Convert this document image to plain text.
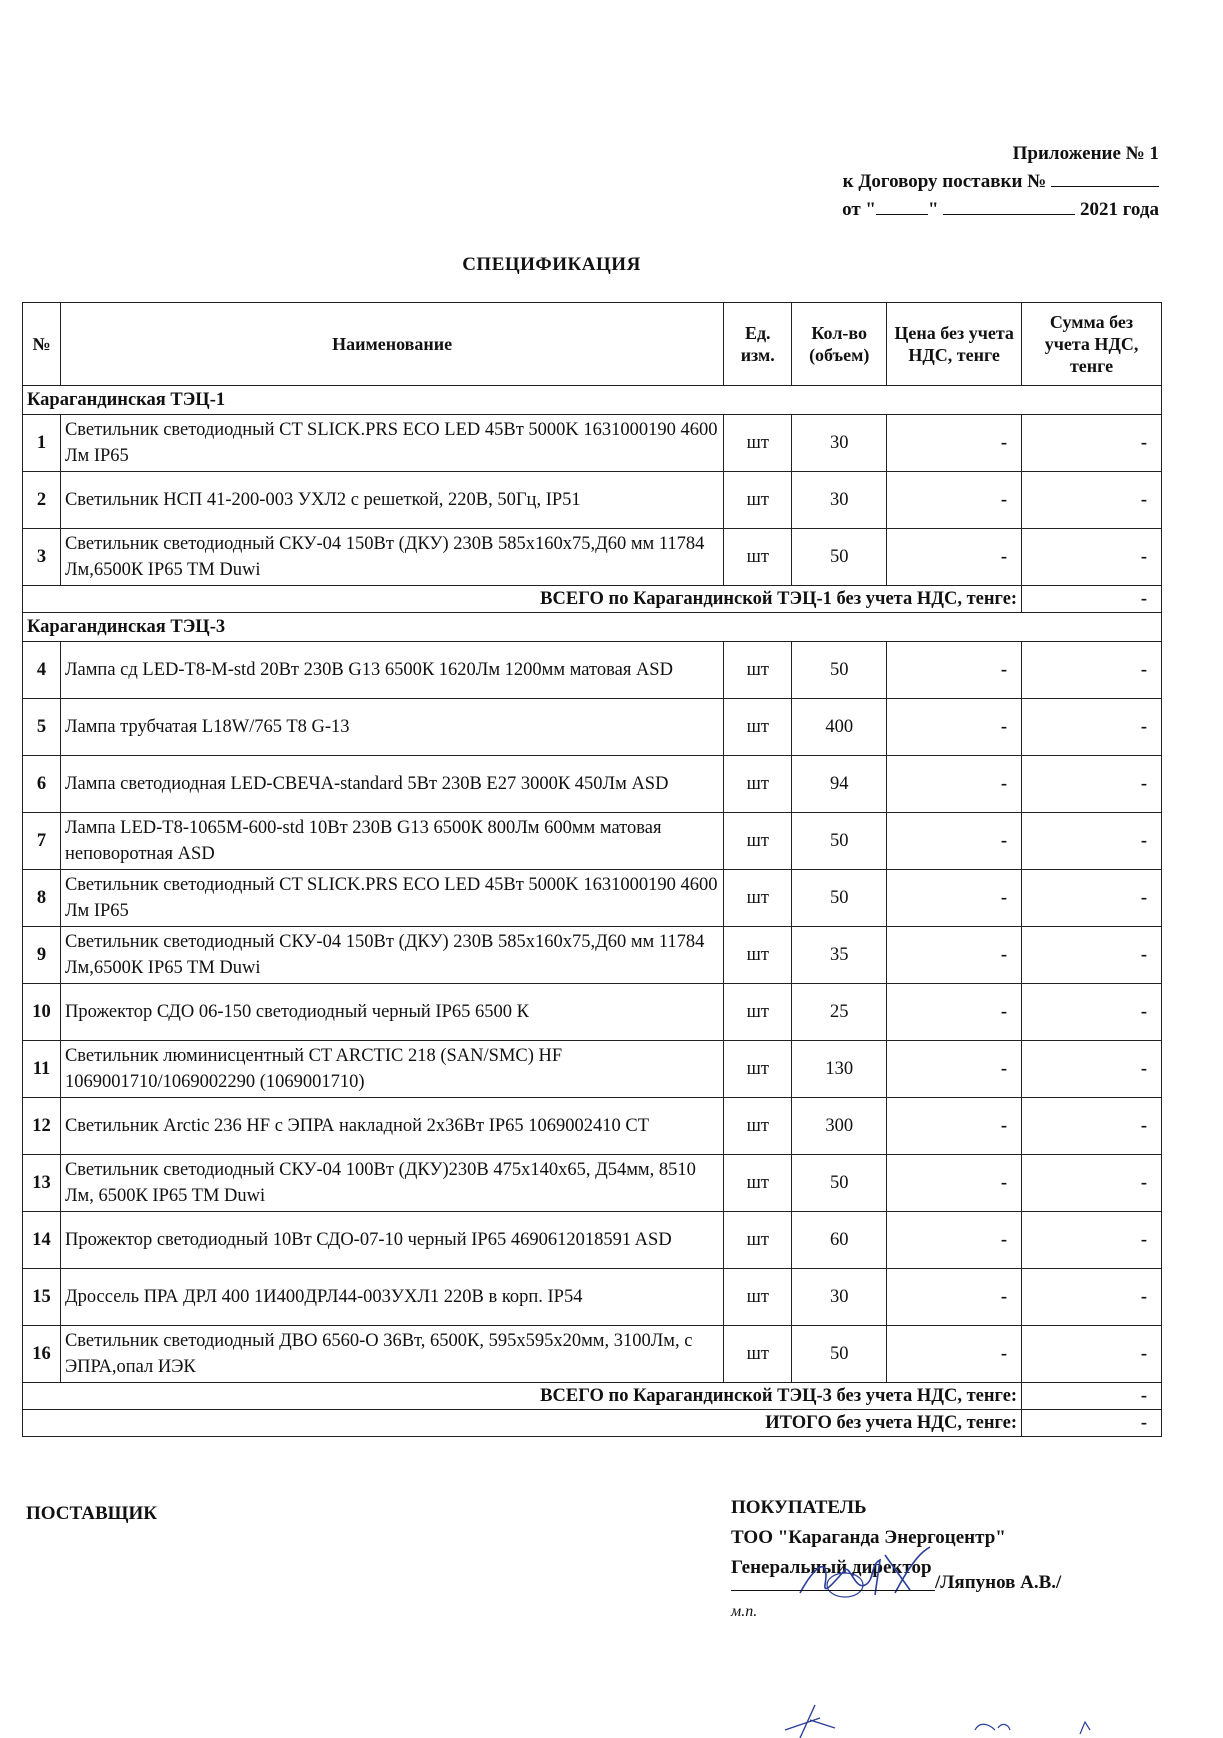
Приложение № 1
к Договору поставки №
от "	"	2021 года
СПЕЦИФИКАЦИЯ
№	Наименование	Ед. изм.	Кол-во (объем)	Цена без учета НДС, тенге	Сумма без учета НДС, тенге
Карагандинская ТЭЦ-1					
1	Светильник светодиодный CT SLICK.PRS ECO LED 45Вт 5000K 1631000190 4600 Лм IP65	шт	30	-	-
2	Светильник НСП 41-200-003 УХЛ2 с решеткой, 220В, 50Гц, IP51	шт	30	-	-
3	Светильник светодиодный СКУ-04 150Вт (ДКУ) 230В 585x160x75,Д60 мм 11784 Лм,6500К IP65 TM Duwi	шт	50	-	-
ВСЕГО по Карагандинской ТЭЦ-1 без учета НДС, тенге:					-
Карагандинская ТЭЦ-3					
4	Лампа сд LED-T8-M-std 20Вт 230В G13 6500К 1620Лм 1200мм матовая ASD	шт	50	-	-
5	Лампа трубчатая L18W/765 T8 G-13	шт	400	-	-
6	Лампа светодиодная LED-СВЕЧА-standard 5Вт 230В E27 3000К 450Лм ASD	шт	94	-	-
7	Лампа LED-T8-1065M-600-std 10Вт 230В G13 6500К 800Лм 600мм матовая неповоротная ASD	шт	50	-	-
8	Светильник светодиодный CT SLICK.PRS ECO LED 45Вт 5000K 1631000190 4600 Лм IP65	шт	50	-	-
9	Светильник светодиодный СКУ-04 150Вт (ДКУ) 230В 585x160x75,Д60 мм 11784 Лм,6500К IP65 TM Duwi	шт	35	-	-
10	Прожектор СДО 06-150 светодиодный черный IP65 6500 К	шт	25	-	-
11	Светильник люминисцентный CT ARCTIC 218 (SAN/SMC) HF 1069001710/1069002290 (1069001710)	шт	130	-	-
12	Светильник Arctic 236 HF с ЭПРА накладной 2х36Вт IP65 1069002410 CT	шт	300	-	-
13	Светильник светодиодный СКУ-04 100Вт (ДКУ)230В 475x140x65, Д54мм, 8510 Лм, 6500К IP65 TM Duwi	шт	50	-	-
14	Прожектор светодиодный 10Вт СДО-07-10 черный IP65 4690612018591 ASD	шт	60	-	-
15	Дроссель ПРА ДРЛ 400 1И400ДРЛ44-003УХЛ1 220В в корп. IP54	шт	30	-	-
16	Светильник светодиодный ДВО 6560-О 36Вт, 6500К, 595х595х20мм, 3100Лм, с ЭПРА,опал ИЭК	шт	50	-	-
ВСЕГО по Карагандинской ТЭЦ-3 без учета НДС, тенге:					-
ИТОГО без учета НДС, тенге:					-
ПОСТАВЩИК	ПОКУПАТЕЛЬ
ТОО "Караганда Энергоцентр"
Генеральный директор
/Ляпунов А.В./
м.п.
